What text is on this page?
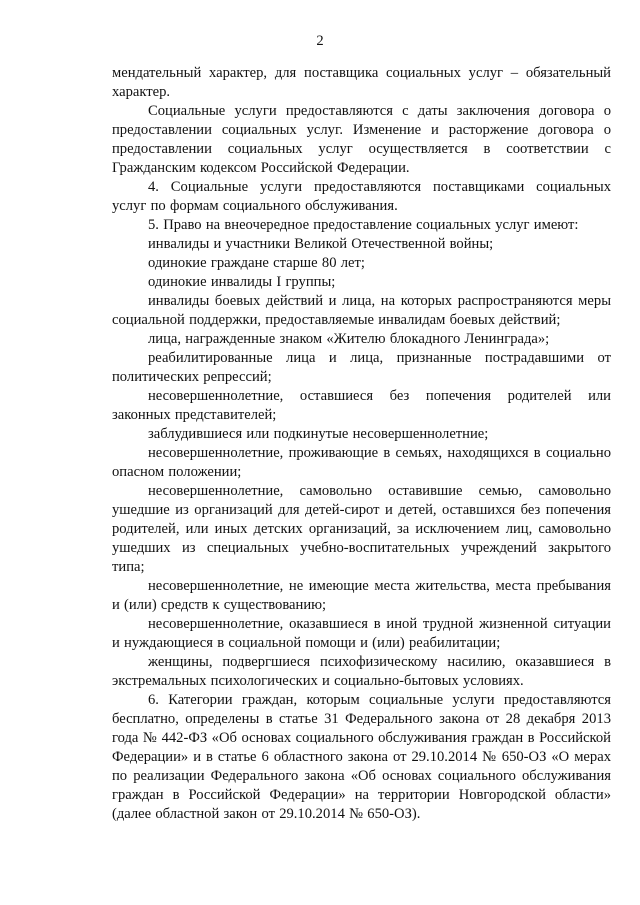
2

мендательный характер, для поставщика социальных услуг – обязательный характер.

Социальные услуги предоставляются с даты заключения договора о предоставлении социальных услуг. Изменение и расторжение договора о предоставлении социальных услуг осуществляется в соответствии с Гражданским кодексом Российской Федерации.

4. Социальные услуги предоставляются поставщиками социальных услуг по формам социального обслуживания.

5. Право на внеочередное предоставление социальных услуг имеют:

инвалиды и участники Великой Отечественной войны;

одинокие граждане старше 80 лет;

одинокие инвалиды I группы;

инвалиды боевых действий и лица, на которых распространяются меры социальной поддержки, предоставляемые инвалидам боевых действий;

лица, награжденные знаком «Жителю блокадного Ленинграда»;

реабилитированные лица и лица, признанные пострадавшими от политических репрессий;

несовершеннолетние, оставшиеся без попечения родителей или законных представителей;

заблудившиеся или подкинутые несовершеннолетние;

несовершеннолетние, проживающие в семьях, находящихся в социально опасном положении;

несовершеннолетние, самовольно оставившие семью, самовольно ушедшие из организаций для детей-сирот и детей, оставшихся без попечения родителей, или иных детских организаций, за исключением лиц, самовольно ушедших из специальных учебно-воспитательных учреждений закрытого типа;

несовершеннолетние, не имеющие места жительства, места пребывания и (или) средств к существованию;

несовершеннолетние, оказавшиеся в иной трудной жизненной ситуации и нуждающиеся в социальной помощи и (или) реабилитации;

женщины, подвергшиеся психофизическому насилию, оказавшиеся в экстремальных психологических и социально-бытовых условиях.

6. Категории граждан, которым социальные услуги предоставляются бесплатно, определены в статье 31 Федерального закона от 28 декабря 2013 года № 442-ФЗ «Об основах социального обслуживания граждан в Российской Федерации» и в статье 6 областного закона от 29.10.2014 № 650-ОЗ «О мерах по реализации Федерального закона «Об основах социального обслуживания граждан в Российской Федерации» на территории Новгородской области» (далее областной закон от 29.10.2014 № 650-ОЗ).
